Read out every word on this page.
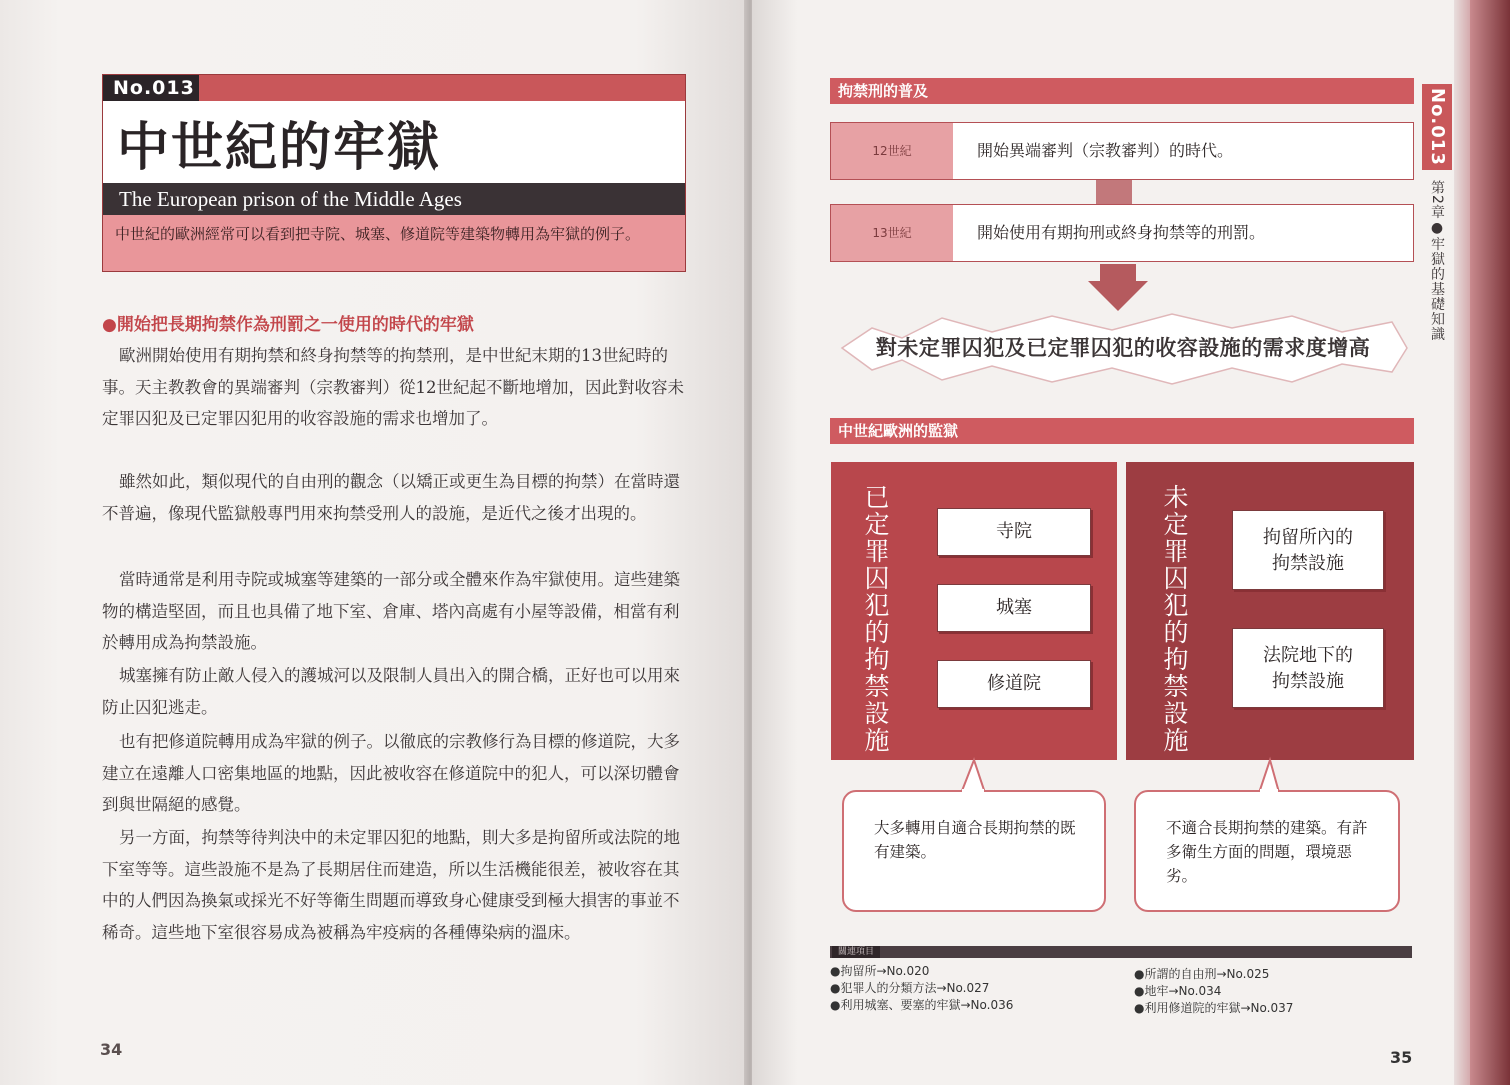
No.013
中世紀的牢獄
The European prison of the Middle Ages
中世紀的歐洲經常可以看到把寺院、城塞、修道院等建築物轉用為牢獄的例子。
●開始把長期拘禁作為刑罰之一使用的時代的牢獄
歐洲開始使用有期拘禁和終身拘禁等的拘禁刑，是中世紀末期的13世紀時的事。天主教教會的異端審判（宗教審判）從12世紀起不斷地增加，因此對收容未定罪囚犯及已定罪囚犯用的收容設施的需求也增加了。
雖然如此，類似現代的自由刑的觀念（以矯正或更生為目標的拘禁）在當時還不普遍，像現代監獄般專門用來拘禁受刑人的設施，是近代之後才出現的。
當時通常是利用寺院或城塞等建築的一部分或全體來作為牢獄使用。這些建築物的構造堅固，而且也具備了地下室、倉庫、塔內高處有小屋等設備，相當有利於轉用成為拘禁設施。
城塞擁有防止敵人侵入的護城河以及限制人員出入的開合橋，正好也可以用來防止囚犯逃走。
也有把修道院轉用成為牢獄的例子。以徹底的宗教修行為目標的修道院，大多建立在遠離人口密集地區的地點，因此被收容在修道院中的犯人，可以深切體會到與世隔絕的感覺。
另一方面，拘禁等待判決中的未定罪囚犯的地點，則大多是拘留所或法院的地下室等等。這些設施不是為了長期居住而建造，所以生活機能很差，被收容在其中的人們因為換氣或採光不好等衛生問題而導致身心健康受到極大損害的事並不稀奇。這些地下室很容易成為被稱為牢疫病的各種傳染病的溫床。
34
拘禁刑的普及
12世紀	開始異端審判（宗教審判）的時代。
13世紀	開始使用有期拘刑或終身拘禁等的刑罰。
對未定罪囚犯及已定罪囚犯的收容設施的需求度增高
中世紀歐洲的監獄
已定罪囚犯的拘禁設施	寺院
城塞
修道院	未定罪囚犯的拘禁設施	拘留所內的
拘禁設施
法院地下的
拘禁設施
大多轉用自適合長期拘禁的既有建築。
不適合長期拘禁的建築。有許多衛生方面的問題，環境惡劣。
關連項目
●拘留所→No.020
●犯罪人的分類方法→No.027
●利用城塞、要塞的牢獄→No.036
●所謂的自由刑→No.025
●地牢→No.034
●利用修道院的牢獄→No.037
35
No.013
第2章●牢獄的基礎知識
